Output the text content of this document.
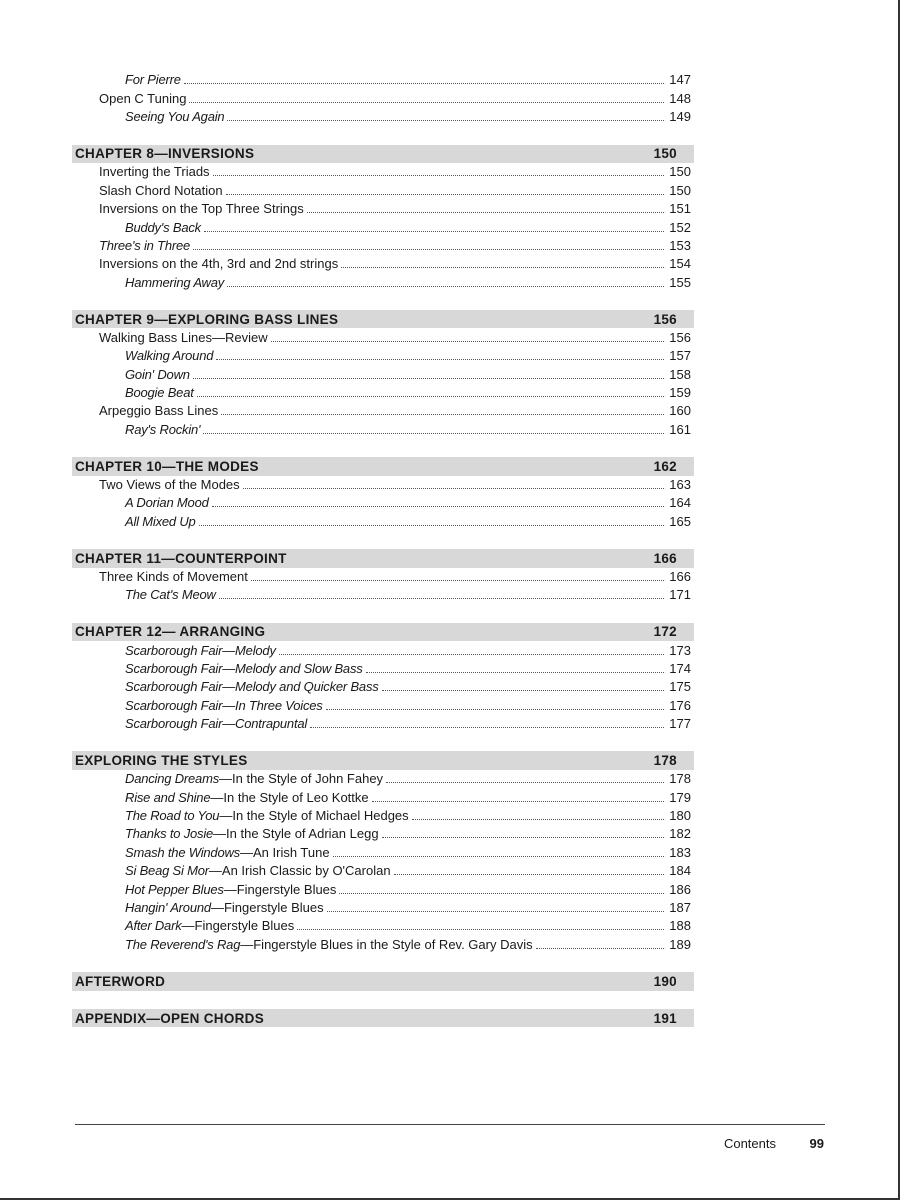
For Pierre	147
Open C Tuning	148
Seeing You Again	149
CHAPTER 8—INVERSIONS	150
Inverting the Triads	150
Slash Chord Notation	150
Inversions on the Top Three Strings	151
Buddy's Back	152
Three's in Three	153
Inversions on the 4th, 3rd and 2nd strings	154
Hammering Away	155
CHAPTER 9—EXPLORING BASS LINES	156
Walking Bass Lines—Review	156
Walking Around	157
Goin' Down	158
Boogie Beat	159
Arpeggio Bass Lines	160
Ray's Rockin'	161
CHAPTER 10—THE MODES	162
Two Views of the Modes	163
A Dorian Mood	164
All Mixed Up	165
CHAPTER 11—COUNTERPOINT	166
Three Kinds of Movement	166
The Cat's Meow	171
CHAPTER 12— ARRANGING	172
Scarborough Fair—Melody	173
Scarborough Fair—Melody and Slow Bass	174
Scarborough Fair—Melody and Quicker Bass	175
Scarborough Fair—In Three Voices	176
Scarborough Fair—Contrapuntal	177
EXPLORING THE STYLES	178
Dancing Dreams—In the Style of John Fahey	178
Rise and Shine—In the Style of Leo Kottke	179
The Road to You—In the Style of Michael Hedges	180
Thanks to Josie—In the Style of Adrian Legg	182
Smash the Windows—An Irish Tune	183
Si Beag Si Mor—An Irish Classic by O'Carolan	184
Hot Pepper Blues—Fingerstyle Blues	186
Hangin' Around—Fingerstyle Blues	187
After Dark—Fingerstyle Blues	188
The Reverend's Rag—Fingerstyle Blues in the Style of Rev. Gary Davis	189
AFTERWORD	190
APPENDIX—OPEN CHORDS	191
Contents	99
